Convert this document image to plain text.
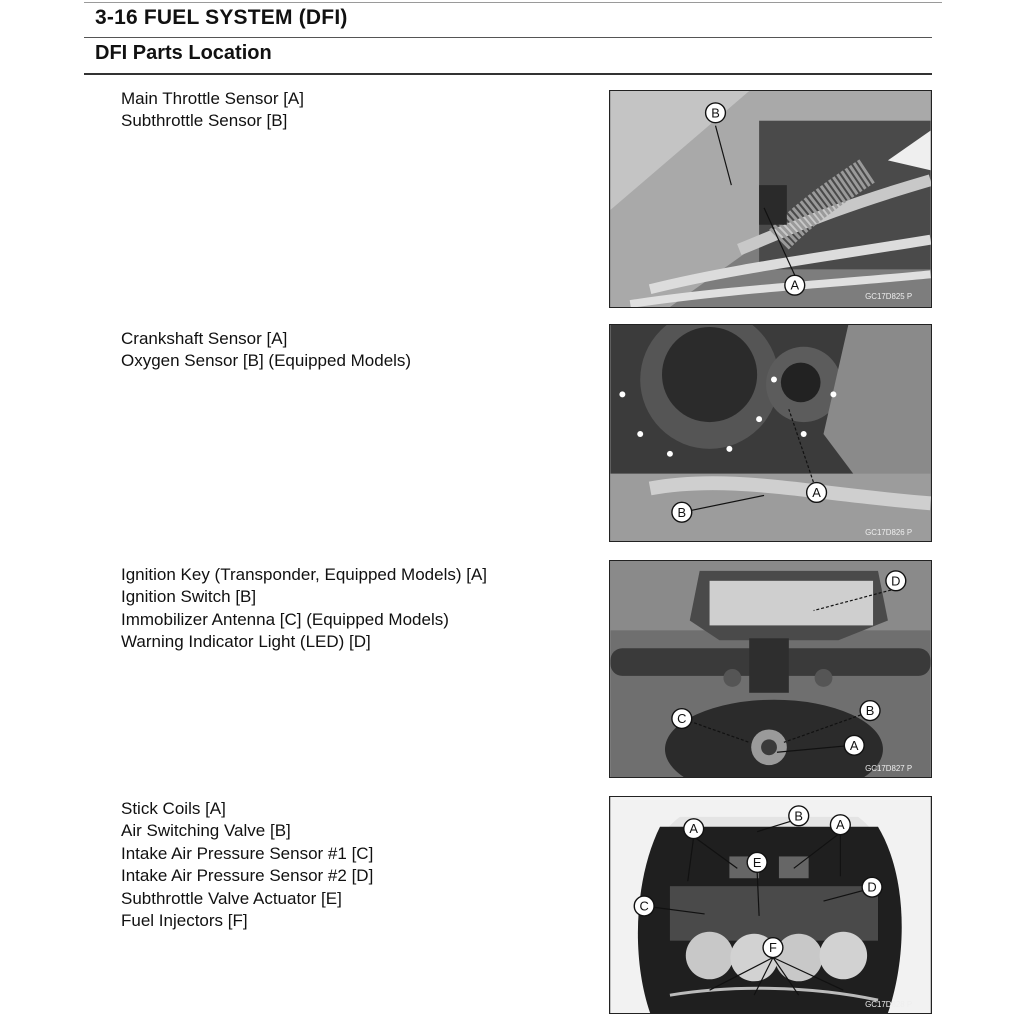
3-16 FUEL SYSTEM (DFI)
DFI Parts Location
Main Throttle Sensor [A]
Subthrottle Sensor [B]	B
A
GC17D825 P
Crankshaft Sensor [A]
Oxygen Sensor [B] (Equipped Models)
A
B
GC17D826 P
Ignition Key (Transponder, Equipped Models) [A]
Ignition Switch [B]
Immobilizer Antenna [C] (Equipped Models)
Warning Indicator Light (LED) [D]
D
B
C
A
GC17D827 P
Stick Coils [A]
Air Switching Valve [B]
Intake Air Pressure Sensor #1 [C]
Intake Air Pressure Sensor #2 [D]
Subthrottle Valve Actuator [E]
Fuel Injectors [F]
A
B
A
E
C
D
F
GC17D828 P
